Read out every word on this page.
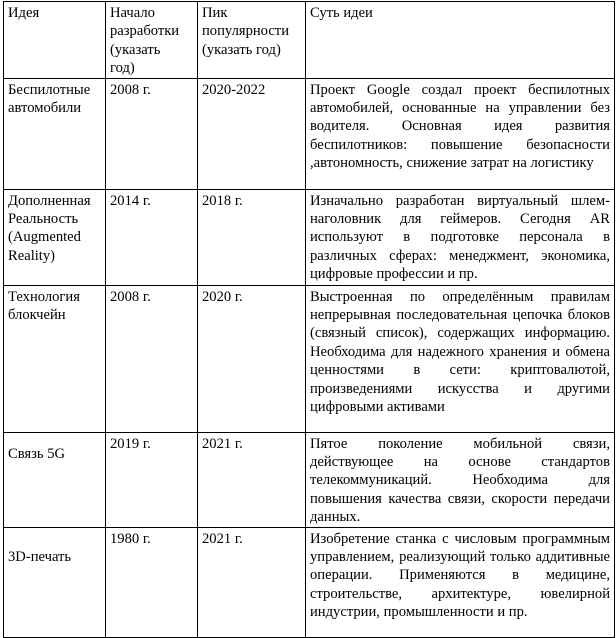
Идея	Начало
разработки
(указать
год)	Пик
популярности
(указать год)	Суть идеи

Беспилотные
автомобили	2008 г.	2020-2022	Проект Google создал проект беспилотных автомобилей, основанные на управлении без водителя. Основная идея развития беспилотников: повышение безопасности ,автономность, снижение затрат на логистику

Дополненная
Реальность
(Augmented
Reality)	2014 г.	2018 г.	Изначально разработан виртуальный шлем-наголовник для геймеров. Сегодня AR используют в подготовке персонала в различных сферах: менеджмент, экономика, цифровые профессии и пр.

Технология
блокчейн	2008 г.	2020 г.	Выстроенная по определённым правилам непрерывная последовательная цепочка блоков (связный список), содержащих информацию. Необходима для надежного хранения и обмена ценностями в сети: криптовалютой, произведениями искусства и другими цифровыми активами

Связь 5G	2019 г.	2021 г.	Пятое поколение мобильной связи, действующее на основе стандартов телекоммуникаций. Необходима для повышения качества связи, скорости передачи данных.

3D-печать	1980 г.	2021 г.	Изобретение станка с числовым программным управлением, реализующий только аддитивные операции. Применяются в медицине, строительстве, архитектуре, ювелирной индустрии, промышленности и пр.
